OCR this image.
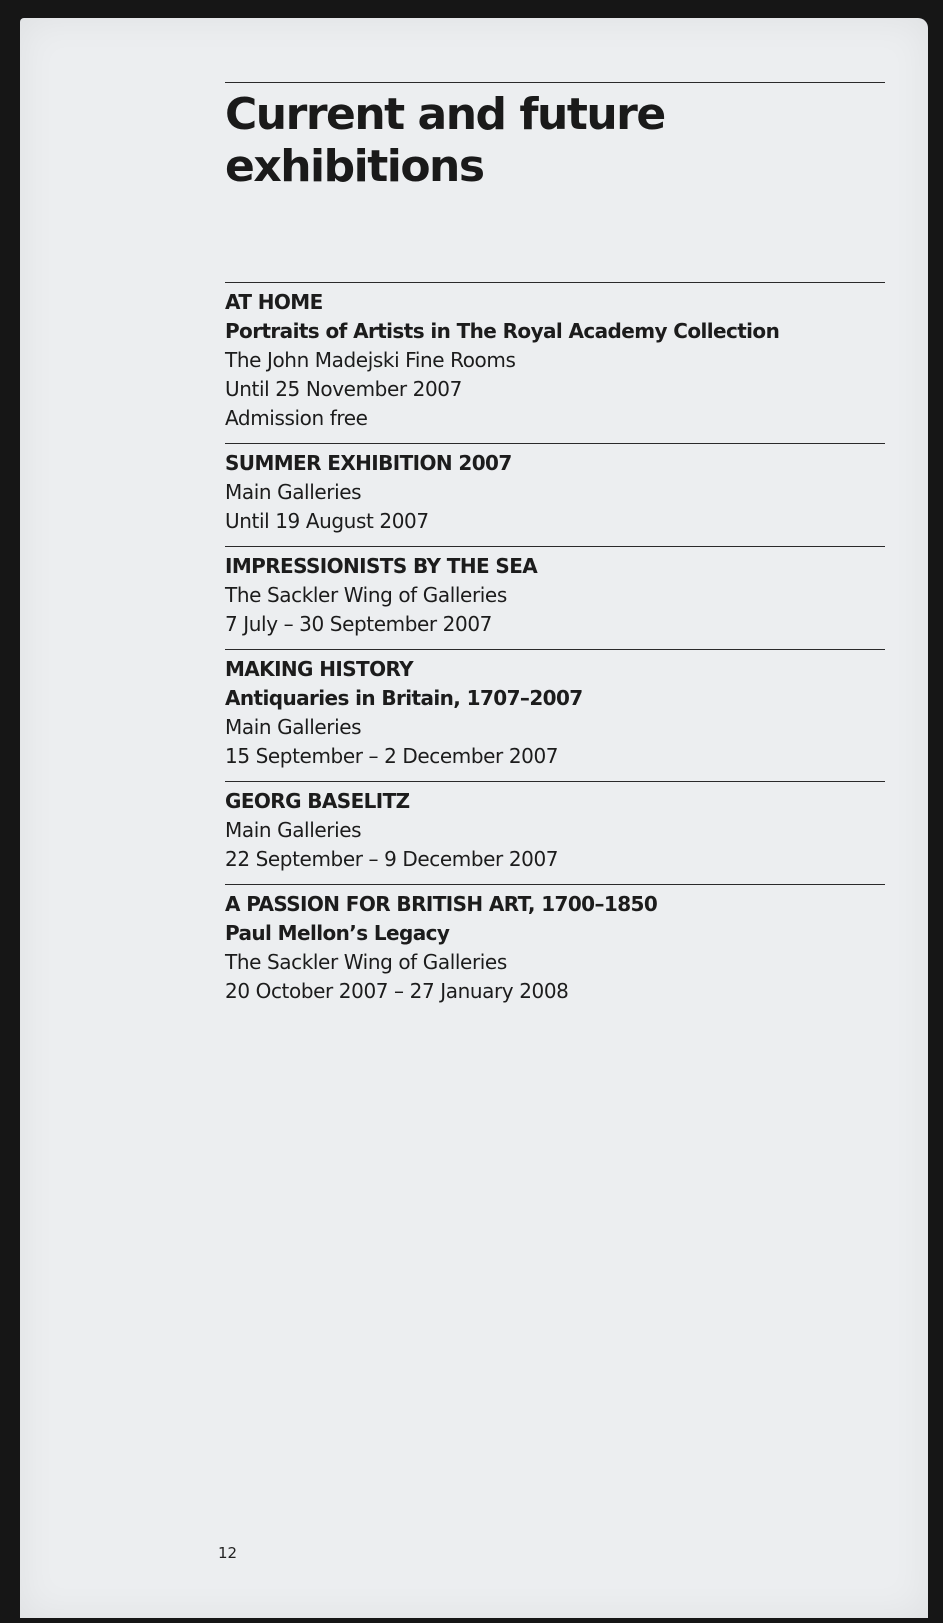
Current and future
exhibitions
AT HOME
Portraits of Artists in The Royal Academy Collection
The John Madejski Fine Rooms
Until 25 November 2007
Admission free
SUMMER EXHIBITION 2007
Main Galleries
Until 19 August 2007
IMPRESSIONISTS BY THE SEA
The Sackler Wing of Galleries
7 July – 30 September 2007
MAKING HISTORY
Antiquaries in Britain, 1707–2007
Main Galleries
15 September – 2 December 2007
GEORG BASELITZ
Main Galleries
22 September – 9 December 2007
A PASSION FOR BRITISH ART, 1700–1850
Paul Mellon’s Legacy
The Sackler Wing of Galleries
20 October 2007 – 27 January 2008
12
